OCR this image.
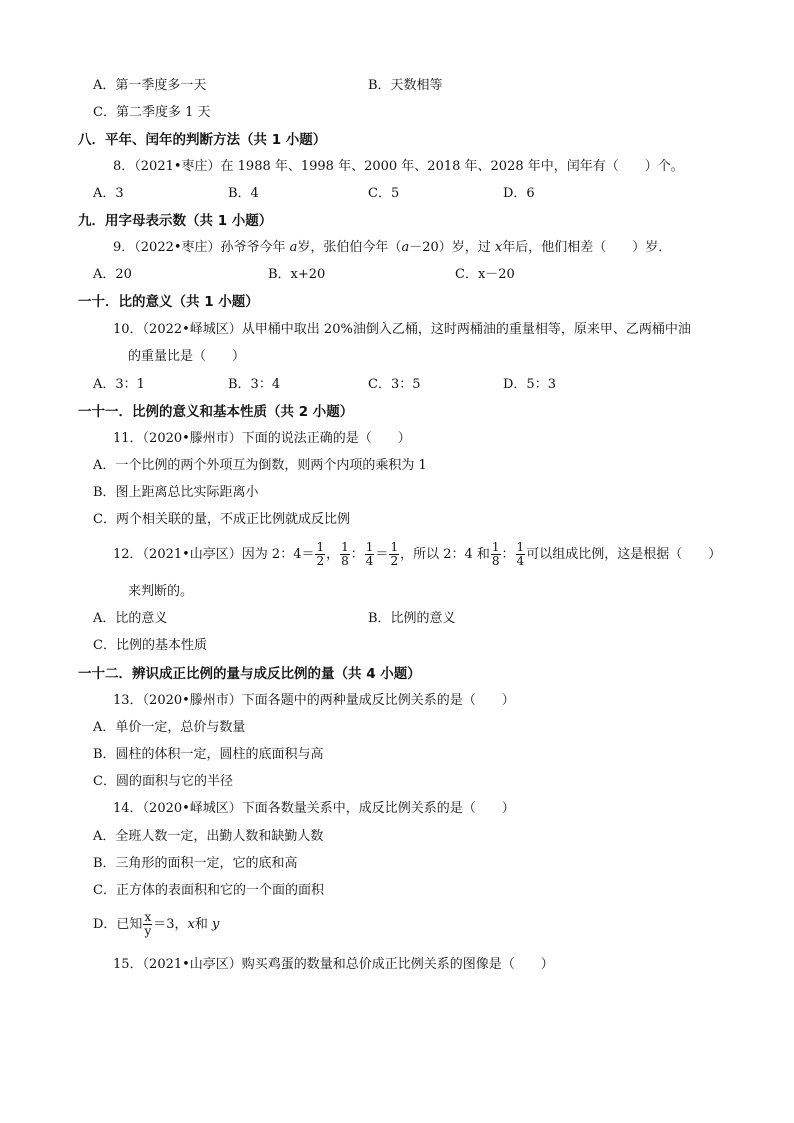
A．第一季度多一天	B．天数相等
C．第二季度多 1 天
八．平年、闰年的判断方法（共 1 小题）
8．（2021•枣庄）在 1988 年、1998 年、2000 年、2018 年、2028 年中，闰年有（　　）个。
A．3	B．4	C．5	D．6
九．用字母表示数（共 1 小题）
9．（2022•枣庄）孙爷爷今年 a岁，张伯伯今年（a－20）岁，过 x年后，他们相差（　　）岁．
A．20	B．x+20	C．x－20
一十．比的意义（共 1 小题）
10．（2022•峄城区）从甲桶中取出 20%油倒入乙桶，这时两桶油的重量相等，原来甲、乙两桶中油
的重量比是（　　）
A．3：1	B．3：4	C．3：5	D．5：3
一十一．比例的意义和基本性质（共 2 小题）
11．（2020•滕州市）下面的说法正确的是（　　）
A．一个比例的两个外项互为倒数，则两个内项的乘积为 1
B．图上距离总比实际距离小
C．两个相关联的量，不成正比例就成反比例
12．（2021•山亭区）因为 2：$4= \frac{1}{2}$ ， $\frac{1}{8}$ ： $\frac{1}{4} = \frac{1}{2}$ ，所以 2：4 和 $\frac{1}{8}$ ： $\frac{1}{4}$ 可以组成比例，这是根据（　　）
来判断的。
A．比的意义	B．比例的意义
C．比例的基本性质
一十二．辨识成正比例的量与成反比例的量（共 4 小题）
13．（2020•滕州市）下面各题中的两种量成反比例关系的是（　　）
A．单价一定，总价与数量
B．圆柱的体积一定，圆柱的底面积与高
C．圆的面积与它的半径
14．（2020•峄城区）下面各数量关系中，成反比例关系的是（　　）
A．全班人数一定，出勤人数和缺勤人数
B．三角形的面积一定，它的底和高
C．正方体的表面积和它的一个面的面积
D．已知 $\frac{x}{y} =3$，x和 y
15．（2021•山亭区）购买鸡蛋的数量和总价成正比例关系的图像是（　　）
